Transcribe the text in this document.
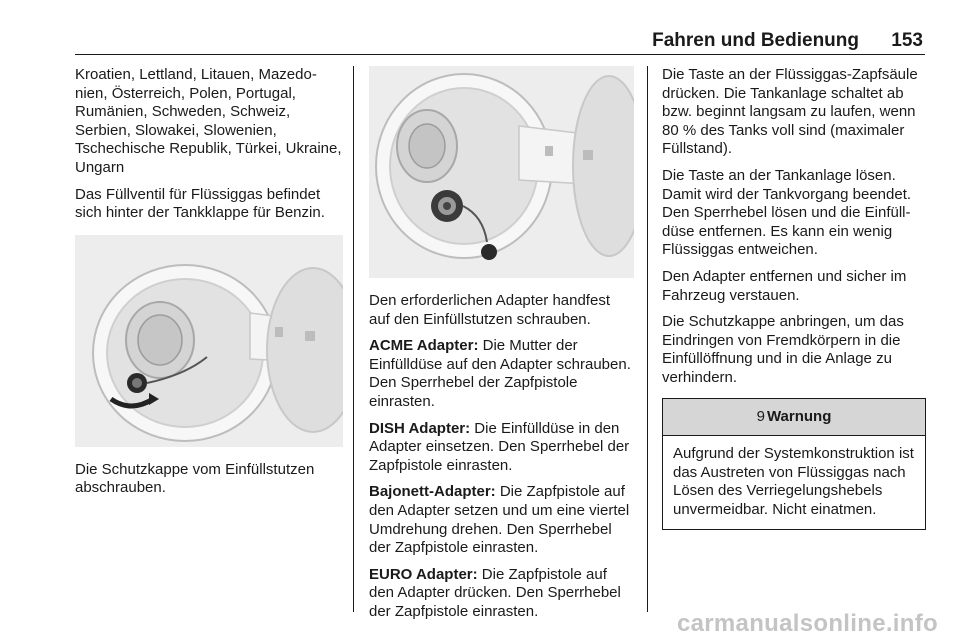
Fahren und Bedienung 153

Kroatien, Lettland, Litauen, Mazedonien, Österreich, Polen, Portugal, Rumänien, Schweden, Schweiz, Serbien, Slowakei, Slowenien, Tschechische Republik, Türkei, Ukraine, Ungarn

Das Füllventil für Flüssiggas befindet sich hinter der Tankklappe für Benzin.

Die Schutzkappe vom Einfüllstutzen abschrauben.

Den erforderlichen Adapter handfest auf den Einfüllstutzen schrauben.

ACME Adapter: Die Mutter der Einfülldüse auf den Adapter schrauben. Den Sperrhebel der Zapfpistole einrasten.

DISH Adapter: Die Einfülldüse in den Adapter einsetzen. Den Sperrhebel der Zapfpistole einrasten.

Bajonett-Adapter: Die Zapfpistole auf den Adapter setzen und um eine viertel Umdrehung drehen. Den Sperrhebel der Zapfpistole einrasten.

EURO Adapter: Die Zapfpistole auf den Adapter drücken. Den Sperrhebel der Zapfpistole einrasten.

Die Taste an der Flüssiggas-Zapfsäule drücken. Die Tankanlage schaltet ab bzw. beginnt langsam zu laufen, wenn 80 % des Tanks voll sind (maximaler Füllstand).

Die Taste an der Tankanlage lösen. Damit wird der Tankvorgang beendet. Den Sperrhebel lösen und die Einfülldüse entfernen. Es kann ein wenig Flüssiggas entweichen.

Den Adapter entfernen und sicher im Fahrzeug verstauen.

Die Schutzkappe anbringen, um das Eindringen von Fremdkörpern in die Einfüllöffnung und in die Anlage zu verhindern.

9 Warnung
Aufgrund der Systemkonstruktion ist das Austreten von Flüssiggas nach Lösen des Verriegelungshebels unvermeidbar. Nicht einatmen.
carmanualsonline.info
